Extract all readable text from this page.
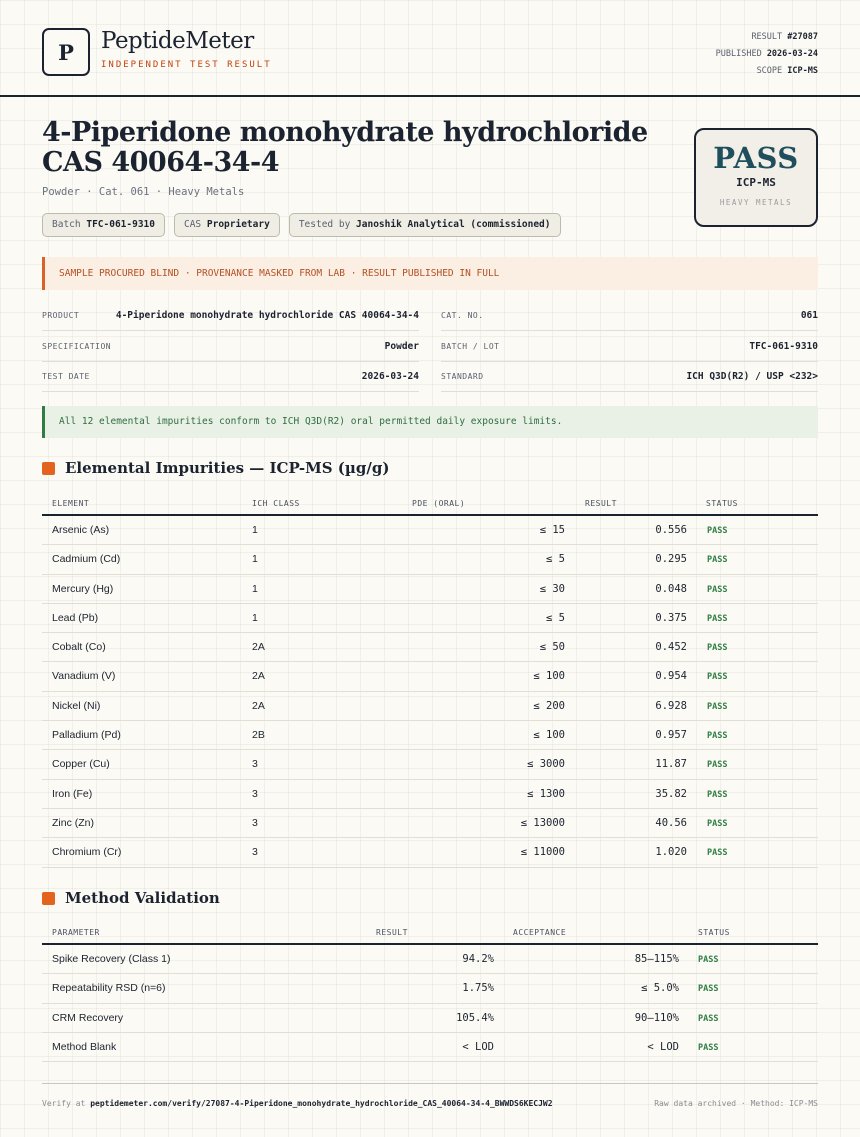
P	PeptideMeter
INDEPENDENT TEST RESULT
RESULT #27087
PUBLISHED 2026-03-24
SCOPE ICP-MS
4-Piperidone monohydrate hydrochloride CAS 40064-34-4
Powder · Cat. 061 · Heavy Metals
Batch TFC-061-9310	CAS Proprietary	Tested by Janoshik Analytical (commissioned)
PASS
ICP-MS
HEAVY METALS
SAMPLE PROCURED BLIND · PROVENANCE MASKED FROM LAB · RESULT PUBLISHED IN FULL
PRODUCT	4-Piperidone monohydrate hydrochloride CAS 40064-34-4
SPECIFICATION	Powder
TEST DATE	2026-03-24
CAT. NO.	061
BATCH / LOT	TFC-061-9310
STANDARD	ICH Q3D(R2) / USP <232>
All 12 elemental impurities conform to ICH Q3D(R2) oral permitted daily exposure limits.
Elemental Impurities — ICP-MS (µg/g)
ELEMENT	ICH CLASS	PDE (ORAL)	RESULT	STATUS
Arsenic (As)	1	≤ 15	0.556 PASS
Cadmium (Cd)	1	≤ 5	0.295 PASS
Mercury (Hg)	1	≤ 30	0.048 PASS
Lead (Pb)	1	≤ 5	0.375 PASS
Cobalt (Co)	2A	≤ 50	0.452 PASS
Vanadium (V)	2A	≤ 100	0.954 PASS
Nickel (Ni)	2A	≤ 200	6.928 PASS
Palladium (Pd)	2B	≤ 100	0.957 PASS
Copper (Cu)	3	≤ 3000	11.87 PASS
Iron (Fe)	3	≤ 1300	35.82 PASS
Zinc (Zn)	3	≤ 13000	40.56 PASS
Chromium (Cr)	3	≤ 11000	1.020 PASS
Method Validation
PARAMETER	RESULT	ACCEPTANCE	STATUS
Spike Recovery (Class 1)	94.2%	85–115% PASS
Repeatability RSD (n=6)	1.75%	≤ 5.0% PASS
CRM Recovery	105.4%	90–110% PASS
Method Blank	< LOD	< LOD PASS
Verify at peptidemeter.com/verify/27087-4-Piperidone_monohydrate_hydrochloride_CAS_40064-34-4_BWWDS6KECJW2	Raw data archived · Method: ICP-MS
